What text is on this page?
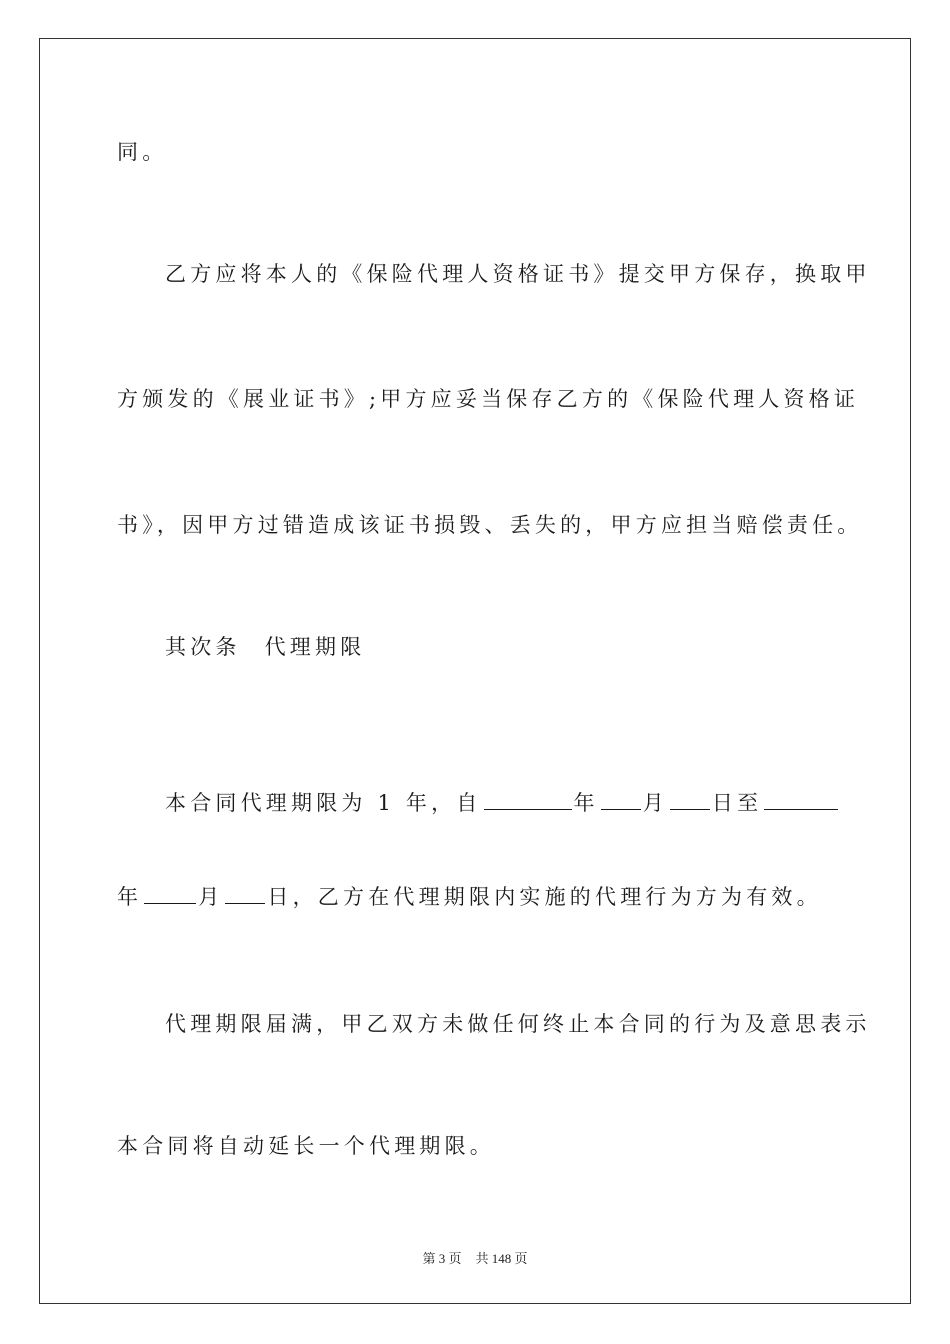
同。
乙方应将本人的《保险代理人资格证书》提交甲方保存，换取甲
方颁发的《展业证书》;甲方应妥当保存乙方的《保险代理人资格证
书》，因甲方过错造成该证书损毁、丢失的，甲方应担当赔偿责任。
其次条 代理期限
本合同代理期限为 1 年，自	年 月 日至
年	月 日，乙方在代理期限内实施的代理行为方为有效。
代理期限届满，甲乙双方未做任何终止本合同的行为及意思表示
本合同将自动延长一个代理期限。
第 3 页 共 148 页
